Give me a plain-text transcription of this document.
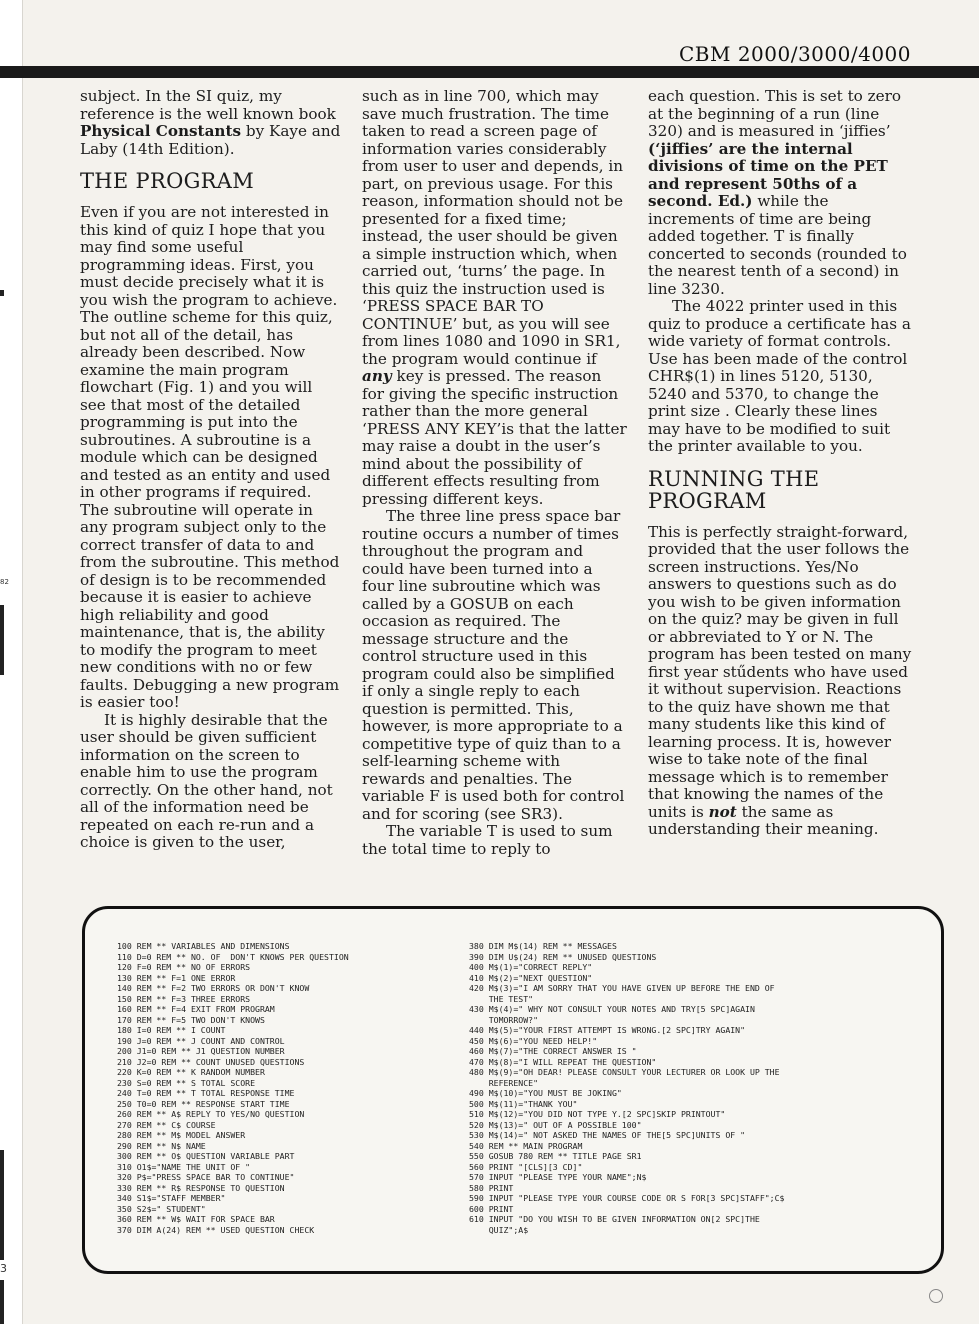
82
3
CBM 2000/3000/4000

subject. In the SI quiz, my reference is the well known book Physical Constants by Kaye and Laby (14th Edition).

THE PROGRAM

Even if you are not interested in this kind of quiz I hope that you may find some useful programming ideas. First, you must decide precisely what it is you wish the program to achieve. The outline scheme for this quiz, but not all of the detail, has already been described. Now examine the main program flowchart (Fig. 1) and you will see that most of the detailed programming is put into the subroutines. A subroutine is a module which can be designed and tested as an entity and used in other programs if required. The subroutine will operate in any program subject only to the correct transfer of data to and from the subroutine. This method of design is to be recommended because it is easier to achieve high reliability and good maintenance, that is, the ability to modify the program to meet new conditions with no or few faults. Debugging a new program is easier too!

It is highly desirable that the user should be given sufficient information on the screen to enable him to use the program correctly. On the other hand, not all of the information need be repeated on each re-run and a choice is given to the user,

such as in line 700, which may save much frustration. The time taken to read a screen page of information varies considerably from user to user and depends, in part, on previous usage. For this reason, information should not be presented for a fixed time; instead, the user should be given a simple instruction which, when carried out, ‘turns’ the page. In this quiz the instruction used is ‘PRESS SPACE BAR TO CONTINUE’ but, as you will see from lines 1080 and 1090 in SR1, the program would continue if any key is pressed. The reason for giving the specific instruction rather than the more general ‘PRESS ANY KEY’is that the latter may raise a doubt in the user’s mind about the possibility of different effects resulting from pressing different keys.

The three line press space bar routine occurs a number of times throughout the program and could have been turned into a four line subroutine which was called by a GOSUB on each occasion as required. The message structure and the control structure used in this program could also be simplified if only a single reply to each question is permitted. This, however, is more appropriate to a competitive type of quiz than to a self-learning scheme with rewards and penalties. The variable F is used both for control and for scoring (see SR3).

The variable T is used to sum the total time to reply to

each question. This is set to zero at the beginning of a run (line 320) and is measured in ‘jiffies’ (‘jiffies’ are the internal divisions of time on the PET and represent 50ths of a second. Ed.) while the increments of time are being added together. T is finally concerted to seconds (rounded to the nearest tenth of a second) in line 3230.

The 4022 printer used in this quiz to produce a certificate has a wide variety of format controls. Use has been made of the control CHR$(1) in lines 5120, 5130, 5240 and 5370, to change the print size . Clearly these lines may have to be modified to suit the printer available to you.

RUNNING THE PROGRAM

This is perfectly straight-forward, provided that the user follows the screen instructions. Yes/No answers to questions such as do you wish to be given information on the quiz? may be given in full or abbreviated to Y or N. The program has been tested on many first year stűdents who have used it without supervision. Reactions to the quiz have shown me that many students like this kind of learning process. It is, however wise to take note of the final message which is to remember that knowing the names of the units is not the same as understanding their meaning.

100 REM ** VARIABLES AND DIMENSIONS
110 D=0 REM ** NO. OF  DON'T KNOWS PER QUESTION
120 F=0 REM ** NO OF ERRORS
130 REM ** F=1 ONE ERROR
140 REM ** F=2 TWO ERRORS OR DON'T KNOW
150 REM ** F=3 THREE ERRORS
160 REM ** F=4 EXIT FROM PROGRAM
170 REM ** F=5 TWO DON'T KNOWS
180 I=0 REM ** I COUNT
190 J=0 REM ** J COUNT AND CONTROL
200 J1=0 REM ** J1 QUESTION NUMBER
210 J2=0 REM ** COUNT UNUSED QUESTIONS
220 K=0 REM ** K RANDOM NUMBER
230 S=0 REM ** S TOTAL SCORE
240 T=0 REM ** T TOTAL RESPONSE TIME
250 T0=0 REM ** RESPONSE START TIME
260 REM ** A$ REPLY TO YES/NO QUESTION
270 REM ** C$ COURSE
280 REM ** M$ MODEL ANSWER
290 REM ** N$ NAME
300 REM ** O$ QUESTION VARIABLE PART
310 O1$="NAME THE UNIT OF "
320 P$="PRESS SPACE BAR TO CONTINUE"
330 REM ** R$ RESPONSE TO QUESTION
340 S1$="STAFF MEMBER"
350 S2$=" STUDENT"
360 REM ** W$ WAIT FOR SPACE BAR
370 DIM A(24) REM ** USED QUESTION CHECK
380 DIM M$(14) REM ** MESSAGES
390 DIM U$(24) REM ** UNUSED QUESTIONS
400 M$(1)="CORRECT REPLY"
410 M$(2)="NEXT QUESTION"
420 M$(3)="I AM SORRY THAT YOU HAVE GIVEN UP BEFORE THE END OF
THE TEST"
430 M$(4)=" WHY NOT CONSULT YOUR NOTES AND TRY[5 SPC]AGAIN
TOMORROW?"
440 M$(5)="YOUR FIRST ATTEMPT IS WRONG.[2 SPC]TRY AGAIN"
450 M$(6)="YOU NEED HELP!"
460 M$(7)="THE CORRECT ANSWER IS "
470 M$(8)="I WILL REPEAT THE QUESTION"
480 M$(9)="OH DEAR! PLEASE CONSULT YOUR LECTURER OR LOOK UP THE
REFERENCE"
490 M$(10)="YOU MUST BE JOKING"
500 M$(11)="THANK YOU"
510 M$(12)="YOU DID NOT TYPE Y.[2 SPC]SKIP PRINTOUT"
520 M$(13)=" OUT OF A POSSIBLE 100"
530 M$(14)=" NOT ASKED THE NAMES OF THE[5 SPC]UNITS OF "
540 REM ** MAIN PROGRAM
550 GOSUB 780 REM ** TITLE PAGE SR1
560 PRINT "[CLS][3 CD]"
570 INPUT "PLEASE TYPE YOUR NAME";N$
580 PRINT
590 INPUT "PLEASE TYPE YOUR COURSE CODE OR S FOR[3 SPC]STAFF";C$
600 PRINT
610 INPUT "DO YOU WISH TO BE GIVEN INFORMATION ON[2 SPC]THE
QUIZ";A$
